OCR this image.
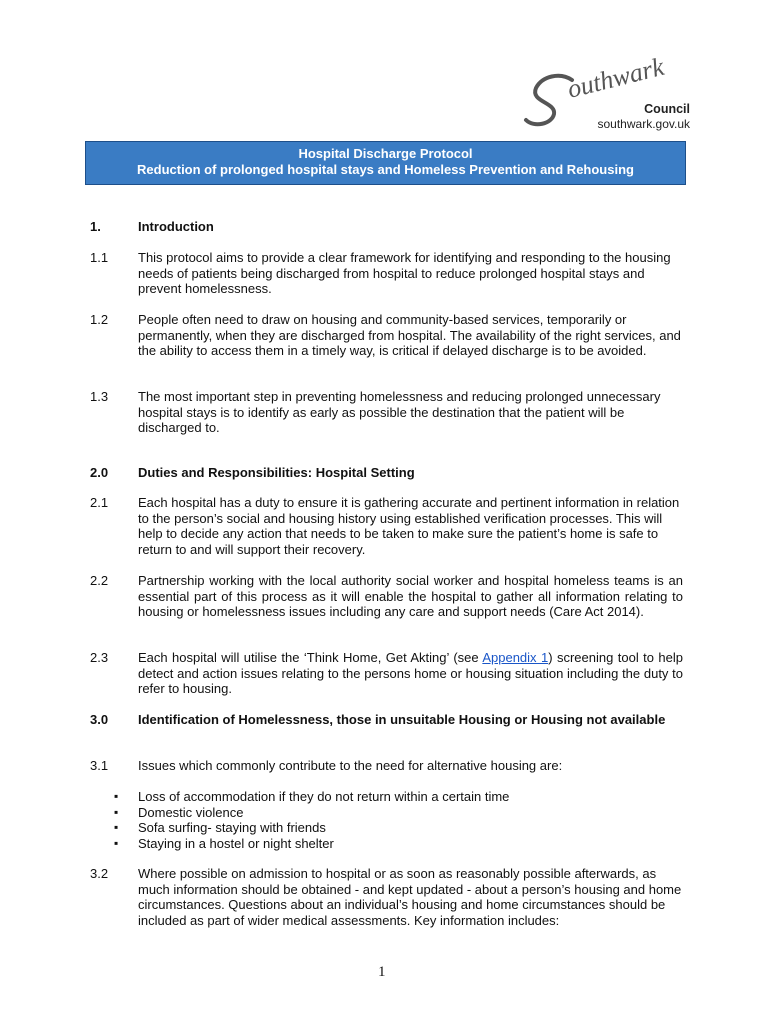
outhwark
Council
southwark.gov.uk
Hospital Discharge Protocol
Reduction of prolonged hospital stays and Homeless Prevention and Rehousing
1.	Introduction
1.1	This protocol aims to provide a clear framework for identifying and responding to the housing needs of patients being discharged from hospital to reduce prolonged hospital stays and prevent homelessness.
1.2	People often need to draw on housing and community-based services, temporarily or permanently, when they are discharged from hospital. The availability of the right services, and the ability to access them in a timely way, is critical if delayed discharge is to be avoided.
1.3	The most important step in preventing homelessness and reducing prolonged unnecessary hospital stays is to identify as early as possible the destination that the patient will be discharged to.
2.0	Duties and Responsibilities: Hospital Setting
2.1	Each hospital has a duty to ensure it is gathering accurate and pertinent information in relation to the person’s social and housing history using established verification processes. This will help to decide any action that needs to be taken to make sure the patient’s home is safe to return to and will support their recovery.
2.2	Partnership working with the local authority social worker and hospital homeless teams is an essential part of this process as it will enable the hospital to gather all information relating to housing or homelessness issues including any care and support needs (Care Act 2014).
2.3	Each hospital will utilise the ‘Think Home, Get Akting’ (see Appendix 1) screening tool to help detect and action issues relating to the persons home or housing situation including the duty to refer to housing.
3.0	Identification of Homelessness, those in unsuitable Housing or Housing not available
3.1	Issues which commonly contribute to the need for alternative housing are:
▪ Loss of accommodation if they do not return within a certain time
▪ Domestic violence
▪ Sofa surfing- staying with friends
▪ Staying in a hostel or night shelter
3.2	Where possible on admission to hospital or as soon as reasonably possible afterwards, as much information should be obtained - and kept updated - about a person’s housing and home circumstances. Questions about an individual’s housing and home circumstances should be included as part of wider medical assessments. Key information includes:
1
